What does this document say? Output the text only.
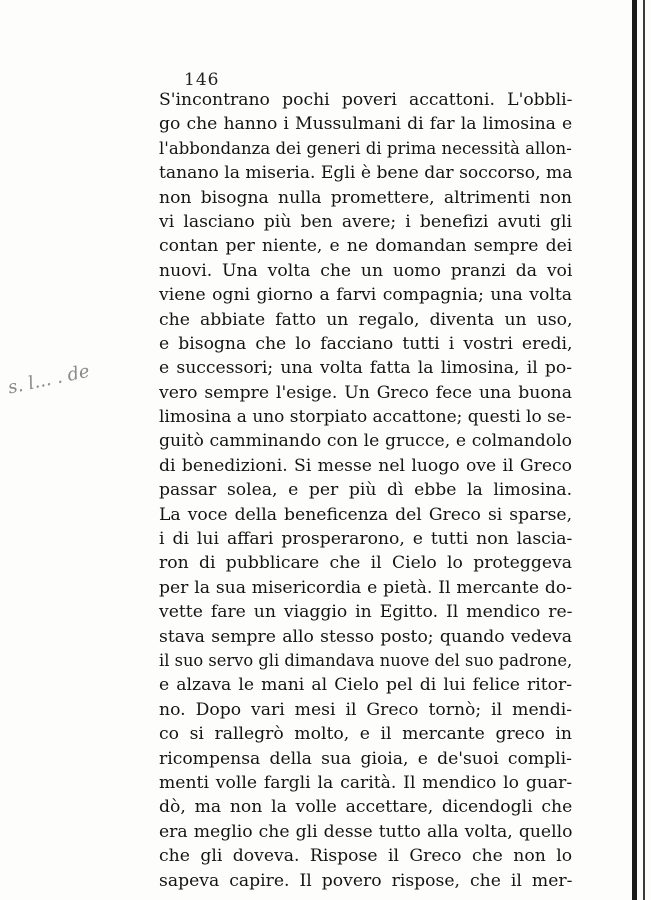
146
s. l... . de
S'incontrano pochi poveri accattoni. L'obbli-
go che hanno i Mussulmani di far la limosina e
l'abbondanza dei generi di prima necessità allon-
tanano la miseria. Egli è bene dar soccorso, ma
non bisogna nulla promettere, altrimenti non
vi lasciano più ben avere; i benefizi avuti gli
contan per niente, e ne domandan sempre dei
nuovi. Una volta che un uomo pranzi da voi
viene ogni giorno a farvi compagnia; una volta
che abbiate fatto un regalo, diventa un uso,
e bisogna che lo facciano tutti i vostri eredi,
e successori; una volta fatta la limosina, il po-
vero sempre l'esige. Un Greco fece una buona
limosina a uno storpiato accattone; questi lo se-
guitò camminando con le grucce, e colmandolo
di benedizioni. Si messe nel luogo ove il Greco
passar solea, e per più dì ebbe la limosina.
La voce della beneficenza del Greco si sparse,
i di lui affari prosperarono, e tutti non lascia-
ron di pubblicare che il Cielo lo proteggeva
per la sua misericordia e pietà. Il mercante do-
vette fare un viaggio in Egitto. Il mendico re-
stava sempre allo stesso posto; quando vedeva
il suo servo gli dimandava nuove del suo padrone,
e alzava le mani al Cielo pel di lui felice ritor-
no. Dopo vari mesi il Greco tornò; il mendi-
co si rallegrò molto, e il mercante greco in
ricompensa della sua gioia, e de'suoi compli-
menti volle fargli la carità. Il mendico lo guar-
dò, ma non la volle accettare, dicendogli che
era meglio che gli desse tutto alla volta, quello
che gli doveva. Rispose il Greco che non lo
sapeva capire. Il povero rispose, che il mer-
